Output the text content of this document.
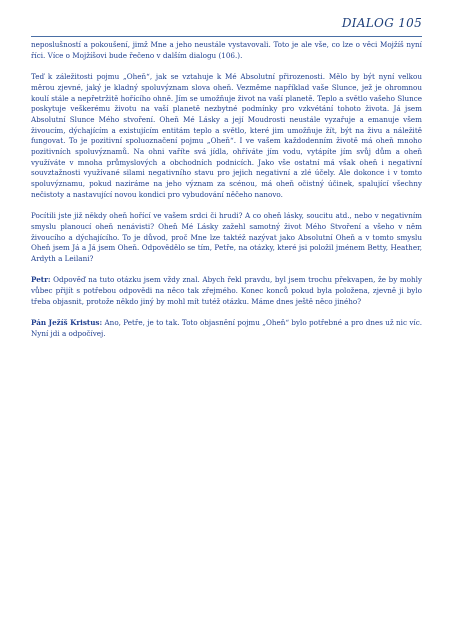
DIALOG 105

neposlušností a pokoušení, jimž Mne a jeho neustále vystavovali. Toto je ale vše, co lze o věci Mojžíš nyní říci. Více o Mojžíšovi bude řečeno v dalším dialogu (106.).

Teď k záležitosti pojmu „Oheň“, jak se vztahuje k Mé Absolutní přirozenosti. Mělo by být nyní velkou měrou zjevné, jaký je kladný spoluvýznam slova oheň. Vezměme například vaše Slunce, jež je ohromnou koulí stále a nepřetržitě hořícího ohně. Jím se umožňuje život na vaší planetě. Teplo a světlo vašeho Slunce poskytuje veškerému životu na vaší planetě nezbytné podmínky pro vzkvétání tohoto života. Já jsem Absolutní Slunce Mého stvoření. Oheň Mé Lásky a její Moudrosti neustále vyzařuje a emanuje všem živoucím, dýchajícím a existujícím entitám teplo a světlo, které jim umožňuje žít, být na živu a náležitě fungovat. To je pozitivní spoluoznačení pojmu „Oheň“. I ve vašem každodenním životě má oheň mnoho pozitivních spoluvýznamů. Na ohni vaříte svá jídla, ohříváte jím vodu, vytápíte jím svůj dům a oheň využíváte v mnoha průmyslových a obchodních podnicích. Jako vše ostatní má však oheň i negativní souvztažnosti využívané silami negativního stavu pro jejich negativní a zlé účely. Ale dokonce i v tomto spoluvýznamu, pokud naziráme na jeho význam za scénou, má oheň očistný účinek, spalující všechny nečistoty a nastavující novou kondici pro vybudování něčeho nanovo.

Pocítili jste již někdy oheň hořící ve vašem srdci či hrudi? A co oheň lásky, soucitu atd., nebo v negativním smyslu planoucí oheň nenávisti? Oheň Mé Lásky zažehl samotný život Mého Stvoření a všeho v něm živoucího a dýchajícího. To je důvod, proč Mne lze taktéž nazývat jako Absolutní Oheň a v tomto smyslu Oheň jsem Já a Já jsem Oheň. Odpovědělo se tím, Petře, na otázky, které jsi položil jménem Betty, Heather, Ardyth a Leilani?

Petr: Odpověď na tuto otázku jsem vždy znal. Abych řekl pravdu, byl jsem trochu překvapen, že by mohly vůbec přijít s potřebou odpovědi na něco tak zřejmého. Konec konců pokud byla položena, zjevně ji bylo třeba objasnit, protože někdo jiný by mohl mít tutéž otázku. Máme dnes ještě něco jiného?

Pán Ježíš Kristus: Ano, Petře, je to tak. Toto objasnění pojmu „Oheň“ bylo potřebné a pro dnes už nic víc. Nyní jdi a odpočívej.
